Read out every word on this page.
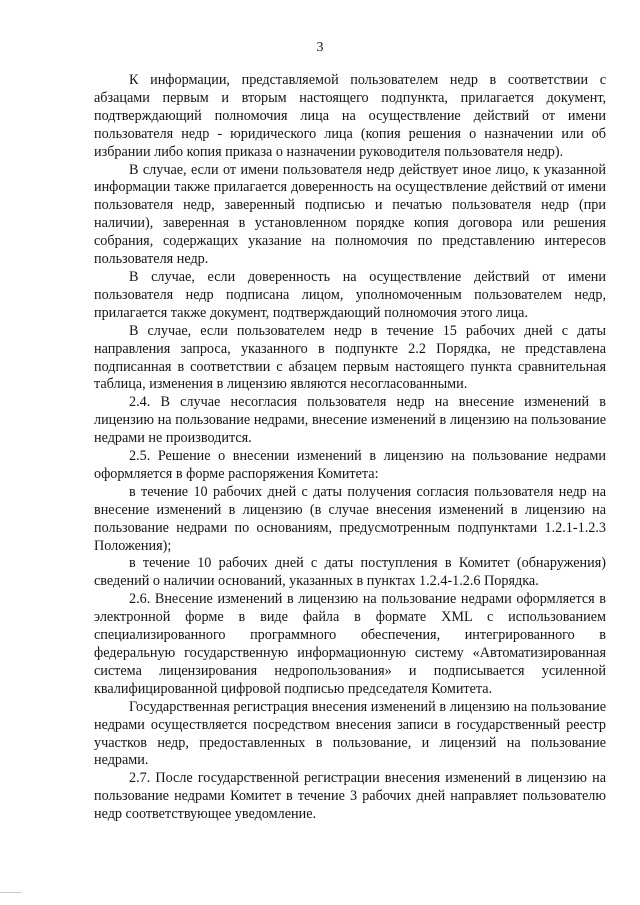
3

К информации, представляемой пользователем недр в соответствии с абзацами первым и вторым настоящего подпункта, прилагается документ, подтверждающий полномочия лица на осуществление действий от имени пользователя недр - юридического лица (копия решения о назначении или об избрании либо копия приказа о назначении руководителя пользователя недр).

В случае, если от имени пользователя недр действует иное лицо, к указанной информации также прилагается доверенность на осуществление действий от имени пользователя недр, заверенный подписью и печатью пользователя недр (при наличии), заверенная в установленном порядке копия договора или решения собрания, содержащих указание на полномочия по представлению интересов пользователя недр.

В случае, если доверенность на осуществление действий от имени пользователя недр подписана лицом, уполномоченным пользователем недр, прилагается также документ, подтверждающий полномочия этого лица.

В случае, если пользователем недр в течение 15 рабочих дней с даты направления запроса, указанного в подпункте 2.2 Порядка, не представлена подписанная в соответствии с абзацем первым настоящего пункта сравнительная таблица, изменения в лицензию являются несогласованными.

2.4. В случае несогласия пользователя недр на внесение изменений в лицензию на пользование недрами, внесение изменений в лицензию на пользование недрами не производится.

2.5. Решение о внесении изменений в лицензию на пользование недрами оформляется в форме распоряжения Комитета:

в течение 10 рабочих дней с даты получения согласия пользователя недр на внесение изменений в лицензию (в случае внесения изменений в лицензию на пользование недрами по основаниям, предусмотренным подпунктами 1.2.1-1.2.3 Положения);

в течение 10 рабочих дней с даты поступления в Комитет (обнаружения) сведений о наличии оснований, указанных в пунктах 1.2.4-1.2.6 Порядка.

2.6. Внесение изменений в лицензию на пользование недрами оформляется в электронной форме в виде файла в формате XML с использованием специализированного программного обеспечения, интегрированного в федеральную государственную информационную систему «Автоматизированная система лицензирования недропользования» и подписывается усиленной квалифицированной цифровой подписью председателя Комитета.

Государственная регистрация внесения изменений в лицензию на пользование недрами осуществляется посредством внесения записи в государственный реестр участков недр, предоставленных в пользование, и лицензий на пользование недрами.

2.7. После государственной регистрации внесения изменений в лицензию на пользование недрами Комитет в течение 3 рабочих дней направляет пользователю недр соответствующее уведомление.
